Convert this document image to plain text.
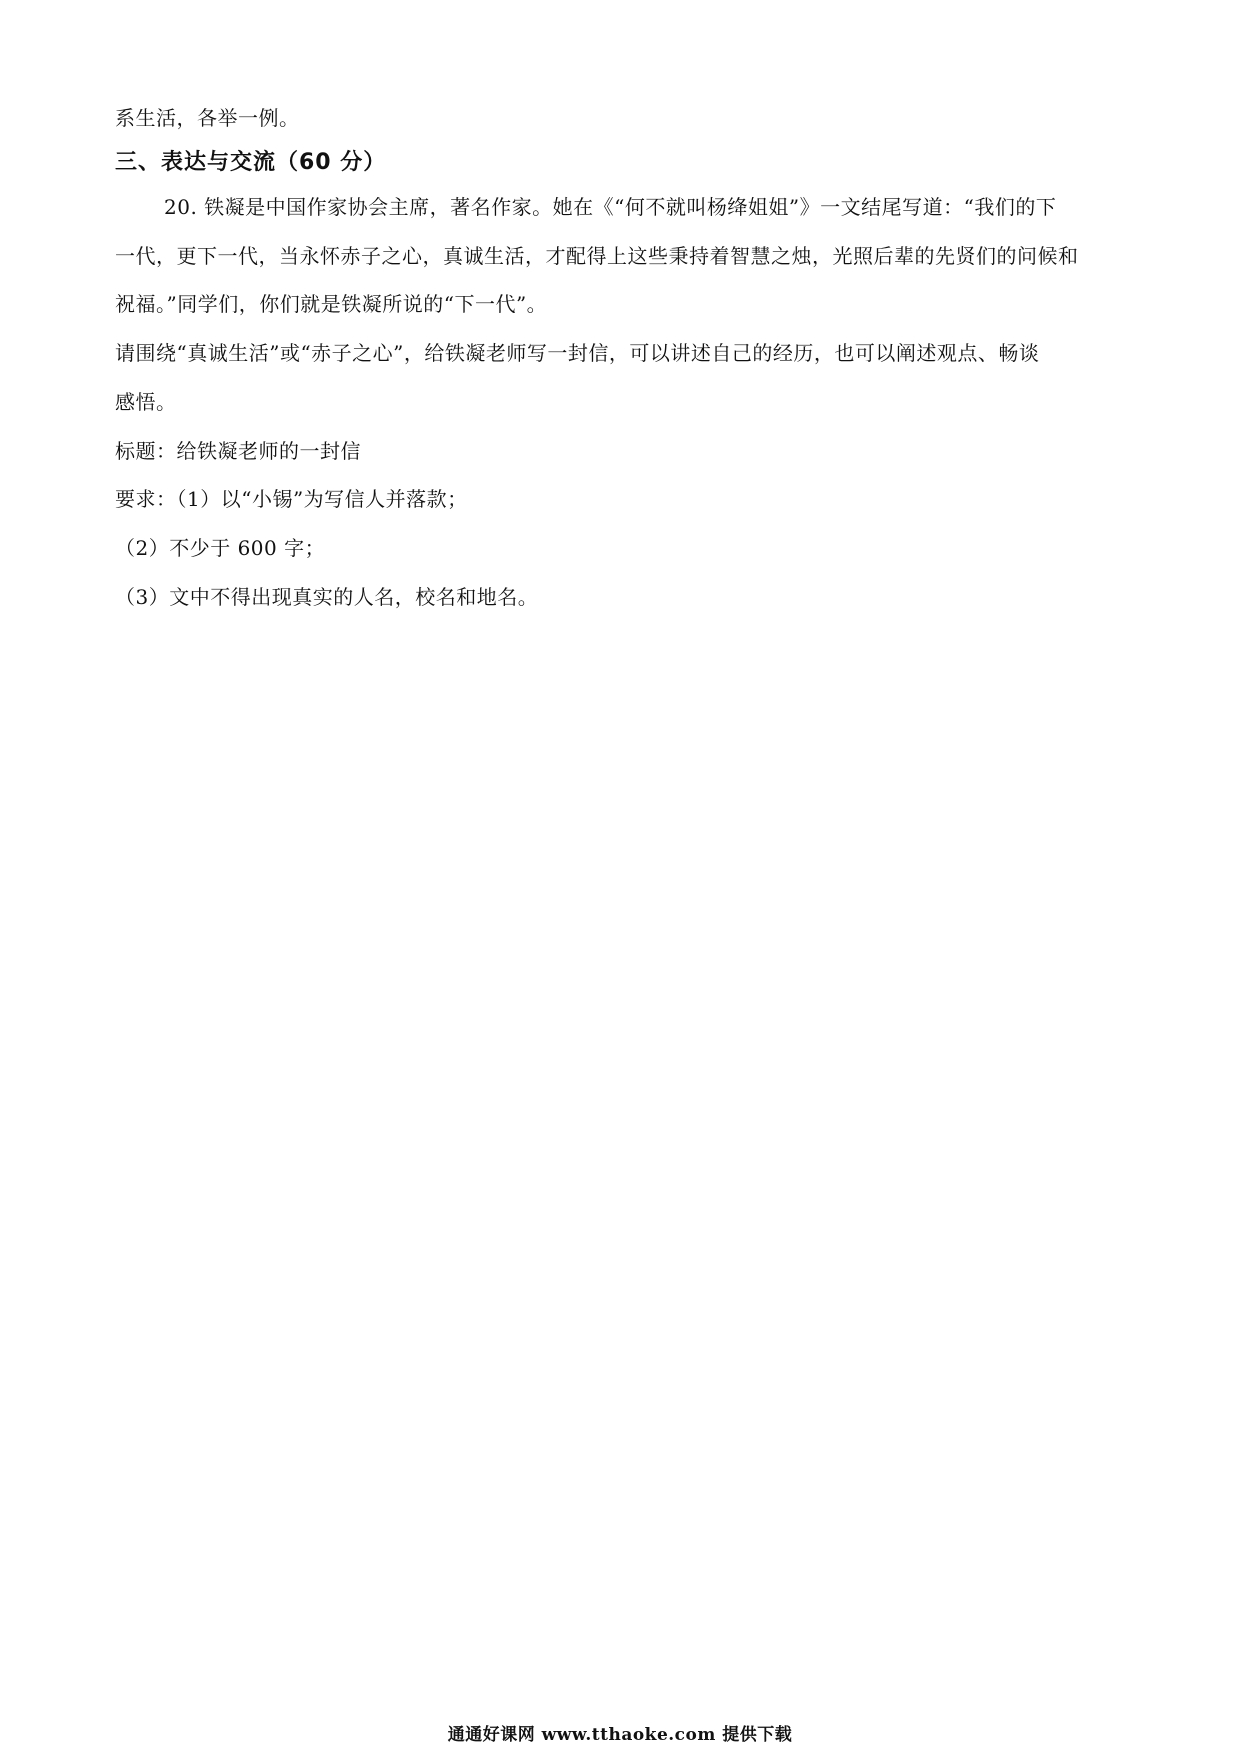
系生活，各举一例。
三、表达与交流（60 分）
20. 铁凝是中国作家协会主席，著名作家。她在《“何不就叫杨绛姐姐”》一文结尾写道：“我们的下
一代，更下一代，当永怀赤子之心，真诚生活，才配得上这些秉持着智慧之烛，光照后辈的先贤们的问候和
祝福。”同学们，你们就是铁凝所说的“下一代”。
请围绕“真诚生活”或“赤子之心”，给铁凝老师写一封信，可以讲述自己的经历，也可以阐述观点、畅谈
感悟。
标题：给铁凝老师的一封信
要求：（1）以“小锡”为写信人并落款；
（2）不少于 600 字；
（3）文中不得出现真实的人名，校名和地名。
通通好课网 www.tthaoke.com 提供下载
